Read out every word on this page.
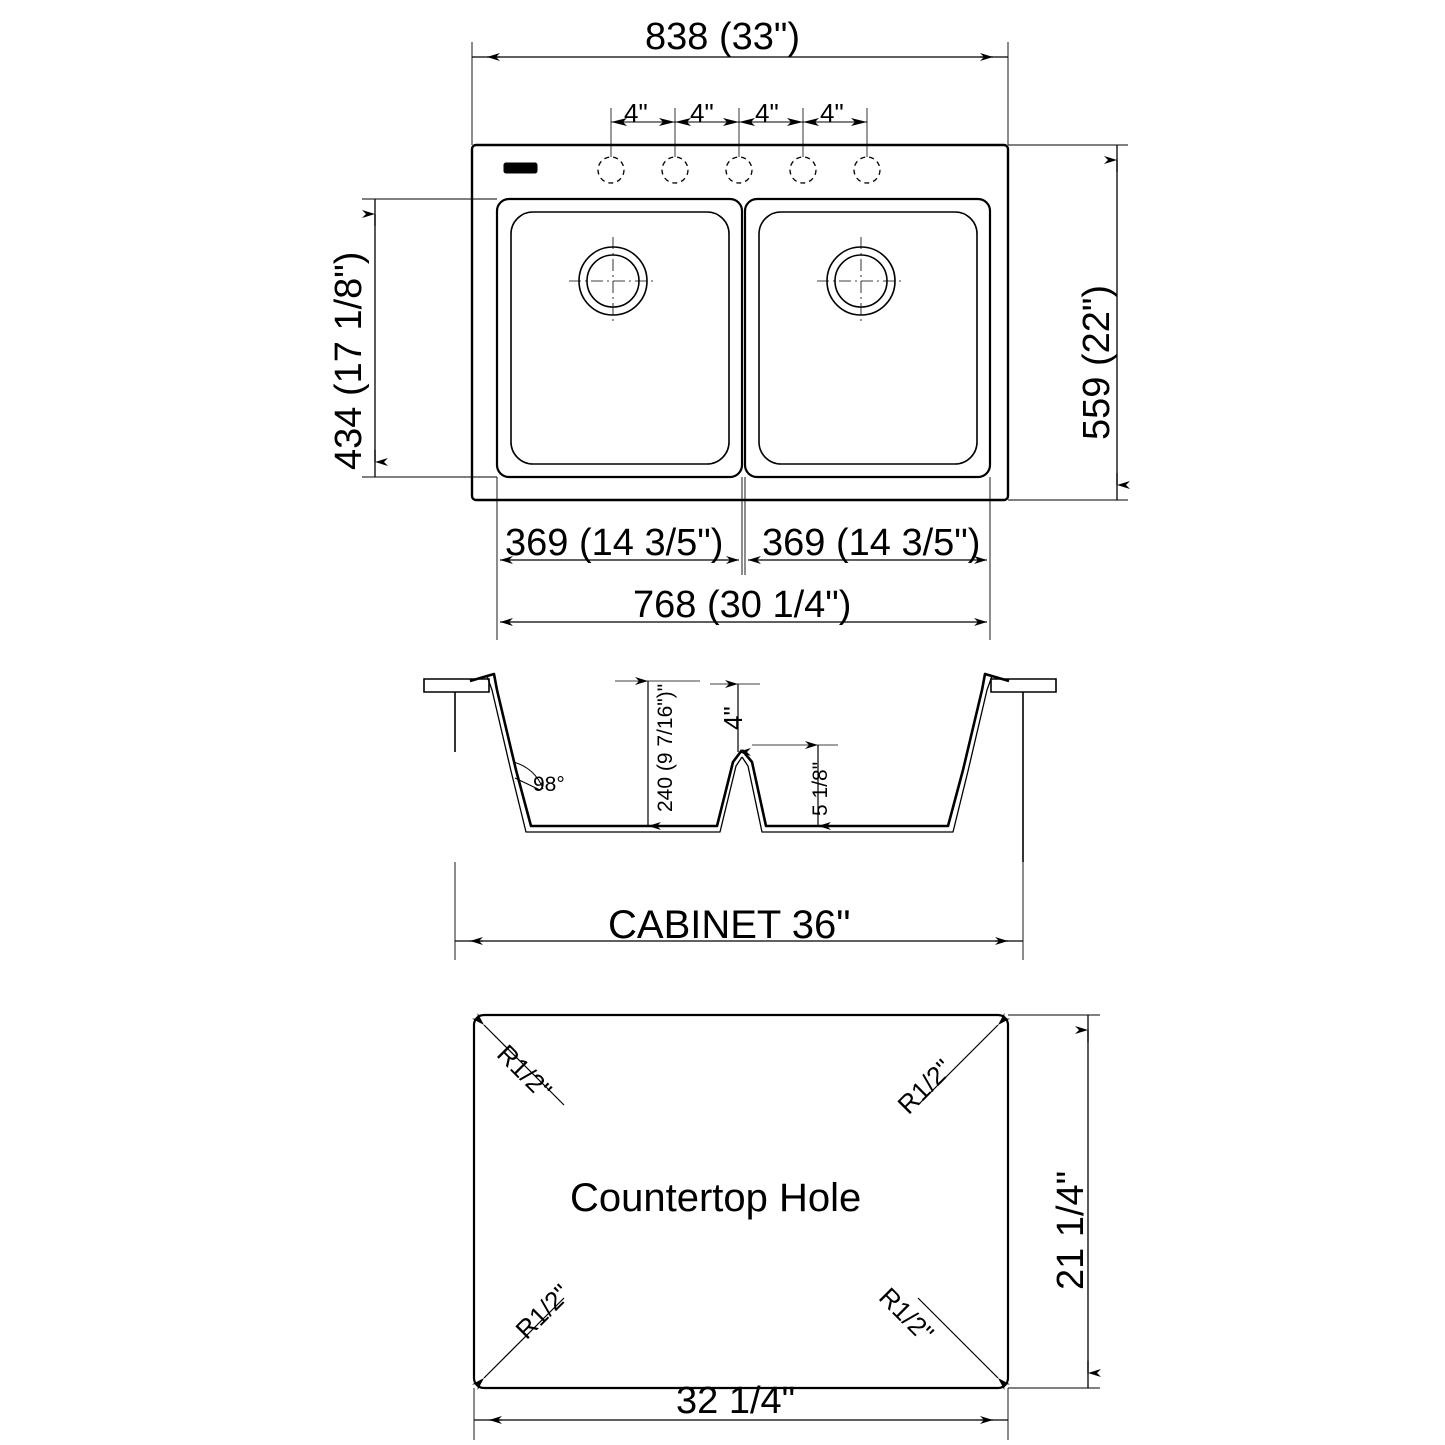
838 (33")
4" 4" 4" 4"
434 (17 1/8")	559 (22")
369 (14 3/5") 369 (14 3/5")
768 (30 1/4")
240 (9 7/16")" 4"
5 1/8"
98°
CABINET 36"
R1/2"	R1/2"
R1/2"	R1/2"
Countertop Hole	21 1/4"
32 1/4"
